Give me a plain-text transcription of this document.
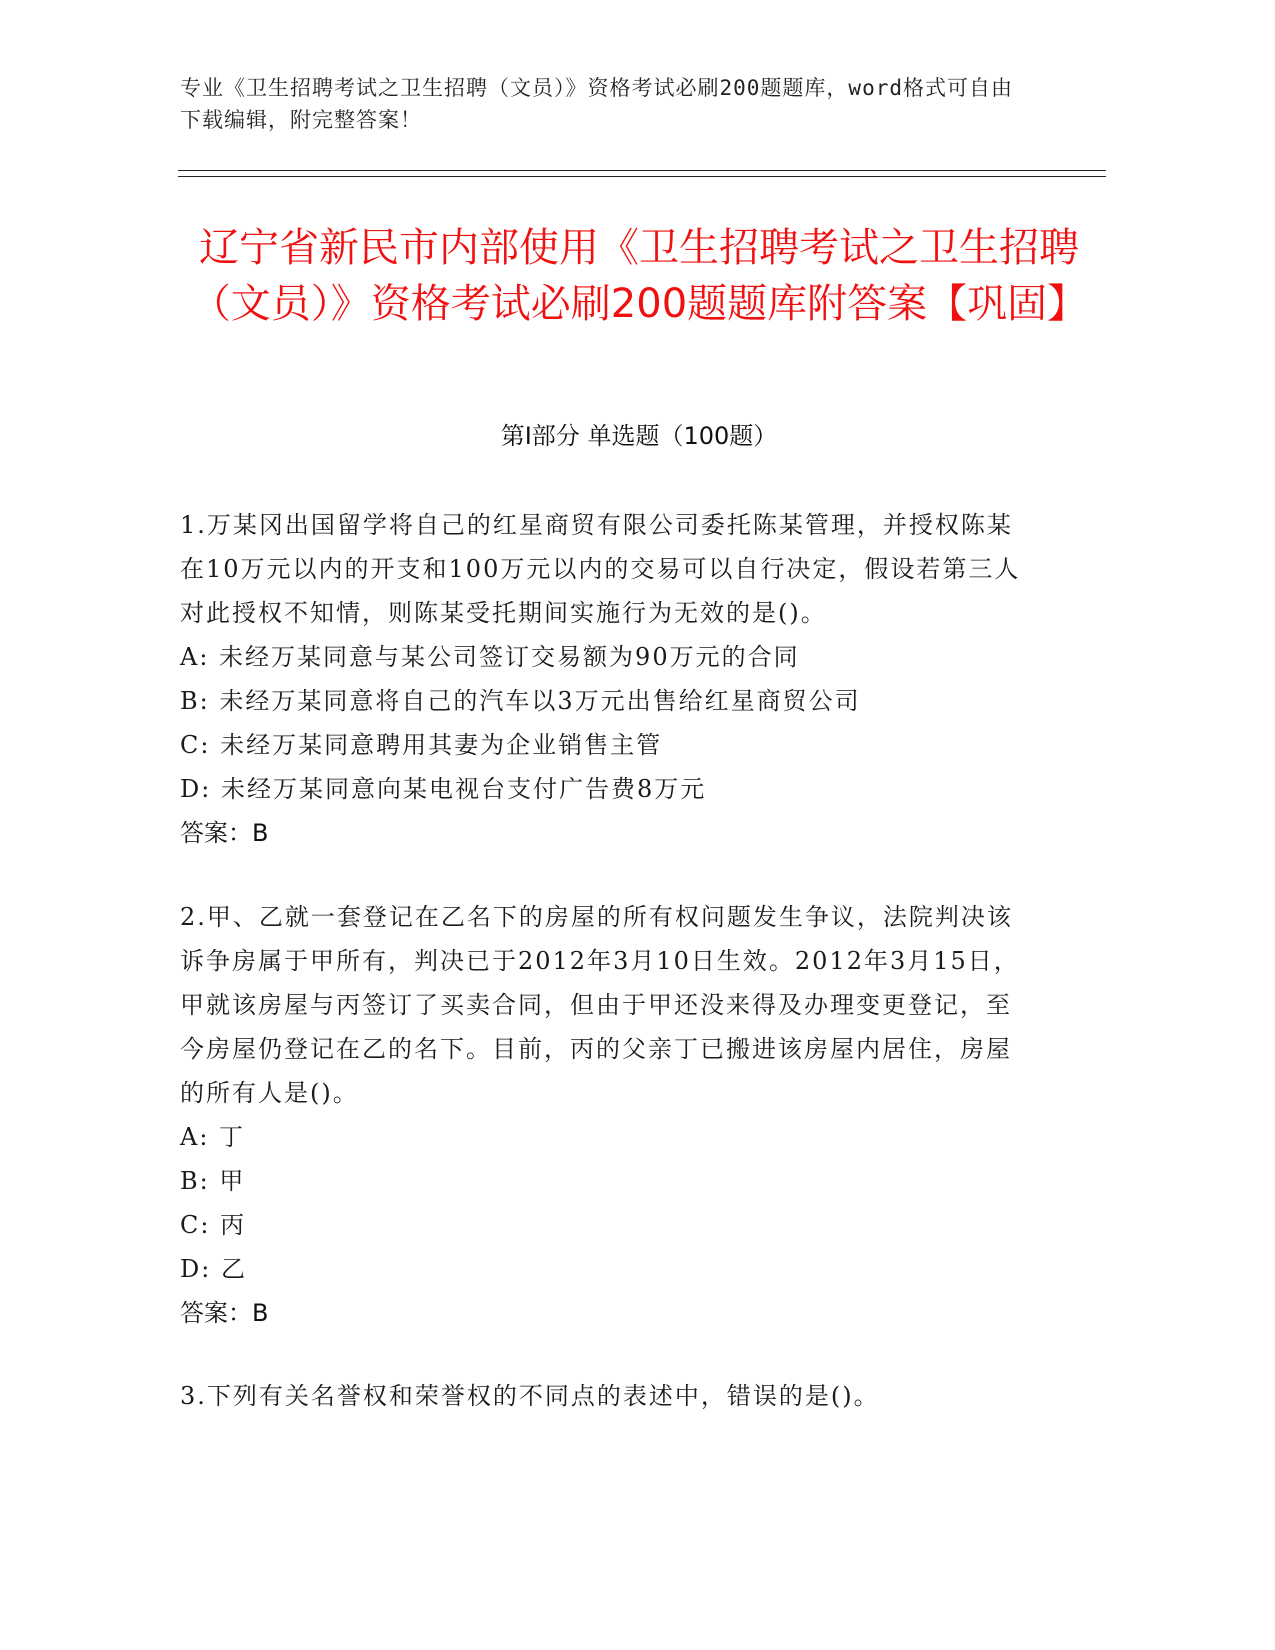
专业《卫生招聘考试之卫生招聘（文员）》资格考试必刷200题题库，word格式可自由下载编辑，附完整答案！
辽宁省新民市内部使用《卫生招聘考试之卫生招聘（文员）》资格考试必刷200题题库附答案【巩固】
第I部分 单选题（100题）

1.万某冈出国留学将自己的红星商贸有限公司委托陈某管理，并授权陈某在10万元以内的开支和100万元以内的交易可以自行决定，假设若第三人对此授权不知情，则陈某受托期间实施行为无效的是()。

A: 未经万某同意与某公司签订交易额为90万元的合同

B: 未经万某同意将自己的汽车以3万元出售给红星商贸公司

C: 未经万某同意聘用其妻为企业销售主管

D: 未经万某同意向某电视台支付广告费8万元

答案：B

2.甲、乙就一套登记在乙名下的房屋的所有权问题发生争议，法院判决该诉争房属于甲所有，判决已于2012年3月10日生效。2012年3月15日，甲就该房屋与丙签订了买卖合同，但由于甲还没来得及办理变更登记，至今房屋仍登记在乙的名下。目前，丙的父亲丁已搬进该房屋内居住，房屋的所有人是()。

A: 丁

B: 甲

C: 丙

D: 乙

答案：B

3.下列有关名誉权和荣誉权的不同点的表述中，错误的是()。
